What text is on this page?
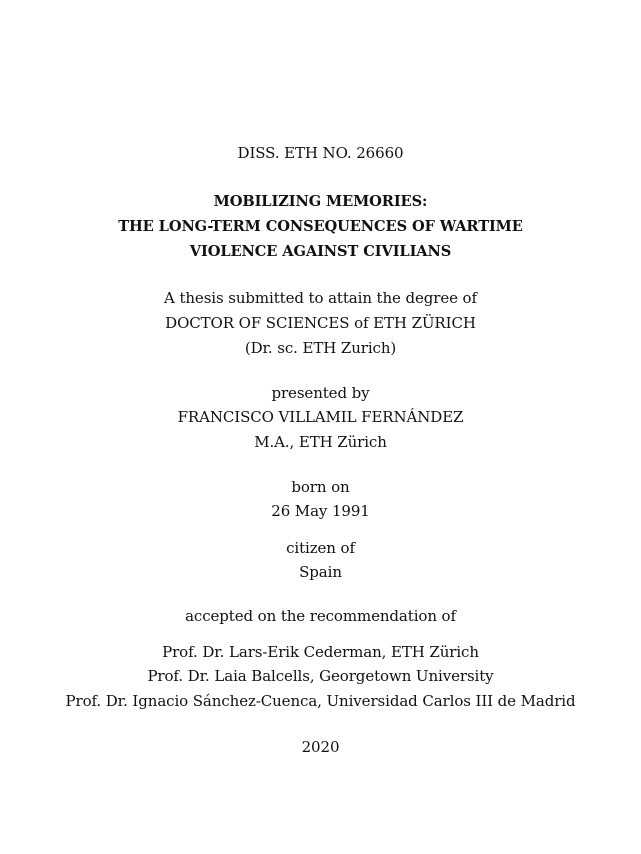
DISS. ETH NO. 26660
MOBILIZING MEMORIES:
THE LONG-TERM CONSEQUENCES OF WARTIME
VIOLENCE AGAINST CIVILIANS
A thesis submitted to attain the degree of
DOCTOR OF SCIENCES of ETH ZÜRICH
(Dr. sc. ETH Zurich)
presented by
FRANCISCO VILLAMIL FERNÁNDEZ
M.A., ETH Zürich
born on
26 May 1991
citizen of
Spain
accepted on the recommendation of
Prof. Dr. Lars-Erik Cederman, ETH Zürich
Prof. Dr. Laia Balcells, Georgetown University
Prof. Dr. Ignacio Sánchez-Cuenca, Universidad Carlos III de Madrid
2020
